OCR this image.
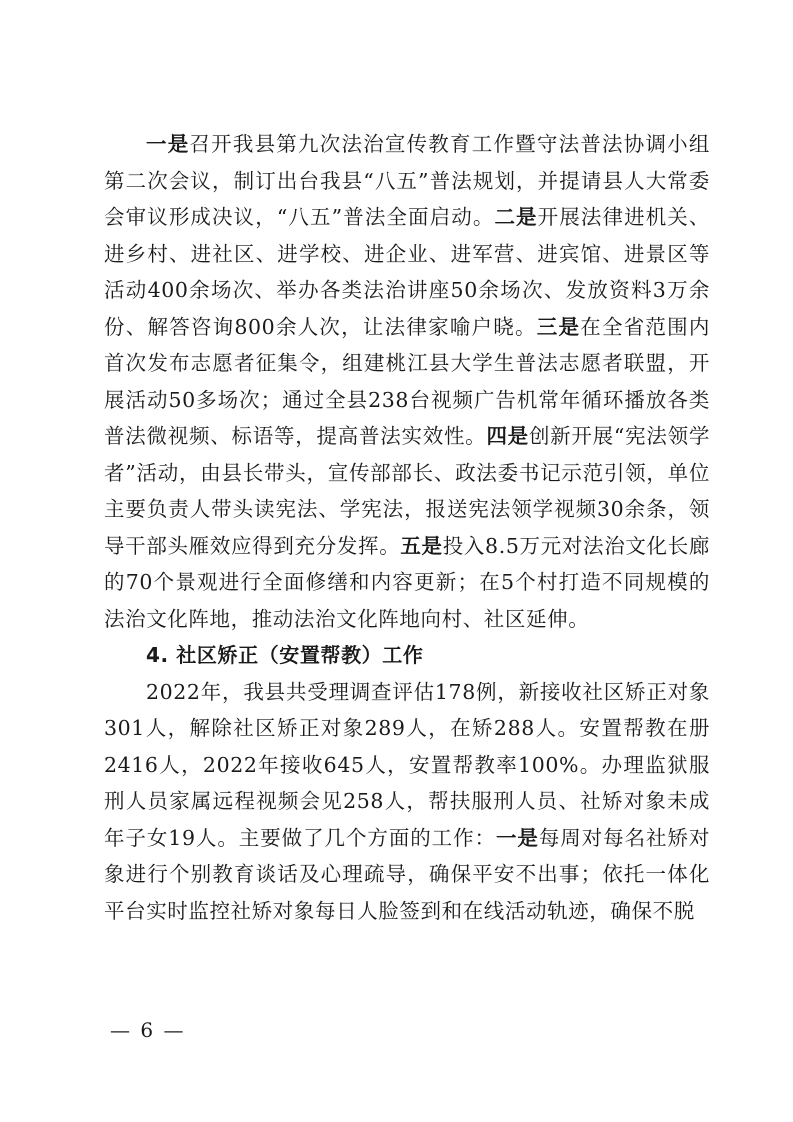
一是召开我县第九次法治宣传教育工作暨守法普法协调小组第二次会议，制订出台我县“八五”普法规划，并提请县人大常委会审议形成决议，“八五”普法全面启动。二是开展法律进机关、进乡村、进社区、进学校、进企业、进军营、进宾馆、进景区等活动400余场次、举办各类法治讲座50余场次、发放资料3万余份、解答咨询800余人次，让法律家喻户晓。三是在全省范围内首次发布志愿者征集令，组建桃江县大学生普法志愿者联盟，开展活动50多场次；通过全县238台视频广告机常年循环播放各类普法微视频、标语等，提高普法实效性。四是创新开展“宪法领学者”活动，由县长带头，宣传部部长、政法委书记示范引领，单位主要负责人带头读宪法、学宪法，报送宪法领学视频30余条，领导干部头雁效应得到充分发挥。五是投入8.5万元对法治文化长廊的70个景观进行全面修缮和内容更新；在5个村打造不同规模的法治文化阵地，推动法治文化阵地向村、社区延伸。

4. 社区矫正（安置帮教）工作

2022年，我县共受理调查评估178例，新接收社区矫正对象301人，解除社区矫正对象289人，在矫288人。安置帮教在册2416人，2022年接收645人，安置帮教率100%。办理监狱服刑人员家属远程视频会见258人，帮扶服刑人员、社矫对象未成年子女19人。主要做了几个方面的工作：一是每周对每名社矫对象进行个别教育谈话及心理疏导，确保平安不出事；依托一体化平台实时监控社矫对象每日人脸签到和在线活动轨迹，确保不脱

— 6 —
